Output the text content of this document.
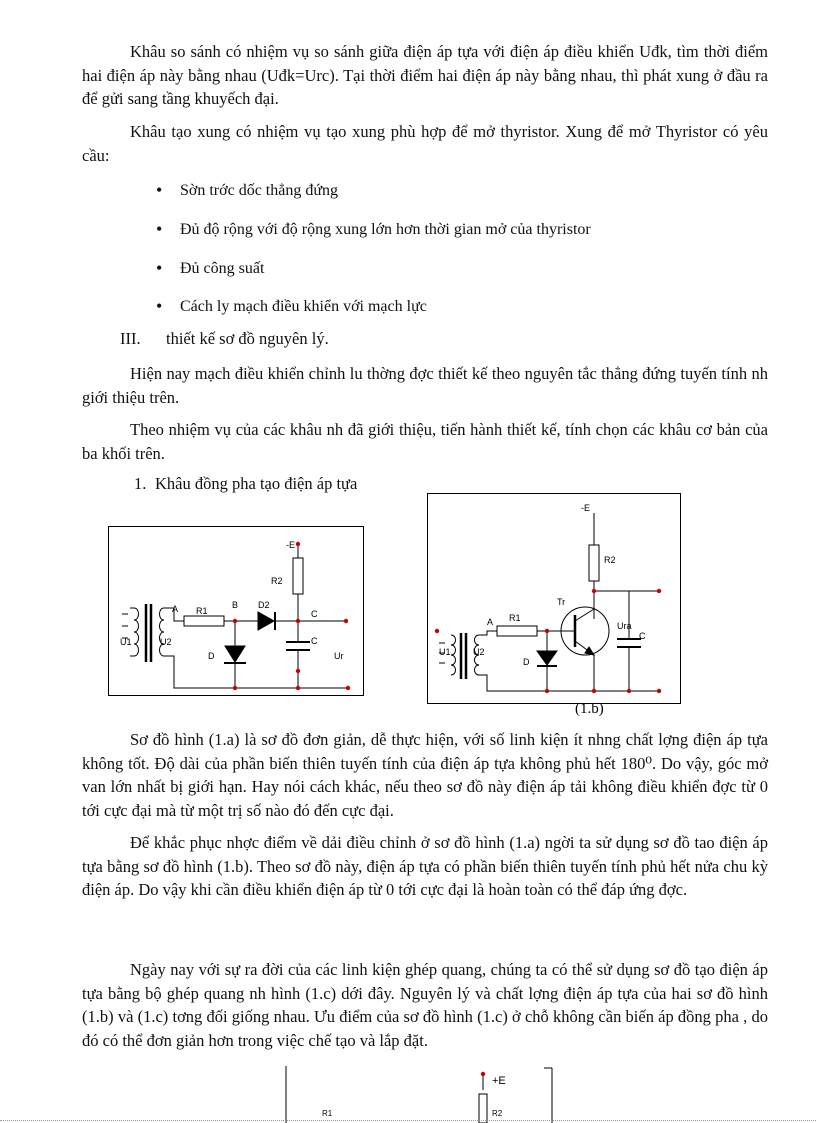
Khâu so sánh có nhiệm vụ so sánh giữa điện áp tựa với điện áp điều khiển Uđk, tìm thời điểm hai điện áp này bằng nhau (Uđk=Urc). Tại thời điểm hai điện áp này bằng nhau, thì phát xung ở đầu ra để gửi sang tầng khuyếch đại.

Khâu tạo xung có nhiệm vụ tạo xung phù hợp để mở thyristor. Xung để mở Thyristor có yêu cầu:

• Sờn trớc dốc thẳng đứng
• Đủ độ rộng với độ rộng xung lớn hơn thời gian mở của thyristor
• Đủ công suất
• Cách ly mạch điều khiển với mạch lực
III. thiết kế sơ đồ nguyên lý.

Hiện nay mạch điều khiển chỉnh lu thờng đợc thiết kế theo nguyên tắc thẳng đứng tuyến tính nh giới thiệu trên.

Theo nhiệm vụ của các khâu nh đã giới thiệu, tiến hành thiết kế, tính chọn các khâu cơ bản của ba khối trên.

1. Khâu đồng pha tạo điện áp tựa
-E
R2
A R1
B D2
C
C
D
U1	U2
Ur
-E
R2
Tr
A R1
Ura
C
D
U1 U2
(1.b)

Sơ đồ hình (1.a) là sơ đồ đơn giản, dễ thực hiện, với số linh kiện ít nhng chất lợng điện áp tựa không tốt. Độ dài của phần biến thiên tuyến tính của điện áp tựa không phủ hết 180⁰. Do vậy, góc mở van lớn nhất bị giới hạn. Hay nói cách khác, nếu theo sơ đồ này điện áp tải không điều khiển đợc từ 0 tới cực đại mà từ một trị số nào đó đến cực đại.

Để khắc phục nhợc điểm về dải điều chỉnh ở sơ đồ hình (1.a) ngời ta sử dụng sơ đồ tao điện áp tựa bằng sơ đồ hình (1.b). Theo sơ đồ này, điện áp tựa có phần biến thiên tuyến tính phủ hết nửa chu kỳ điện áp. Do vậy khi cần điều khiển điện áp từ 0 tới cực đại là hoàn toàn có thể đáp ứng đợc.

Ngày nay với sự ra đời của các linh kiện ghép quang, chúng ta có thể sử dụng sơ đồ tạo điện áp tựa bằng bộ ghép quang nh hình (1.c) dới đây. Nguyên lý và chất lợng điện áp tựa của hai sơ đồ hình (1.b) và (1.c) tơng đối giống nhau. Ưu điểm của sơ đồ hình (1.c) ở chỗ không cần biến áp đồng pha , do đó có thể đơn giản hơn trong việc chế tạo và lắp đặt.

+E
R1	R2
